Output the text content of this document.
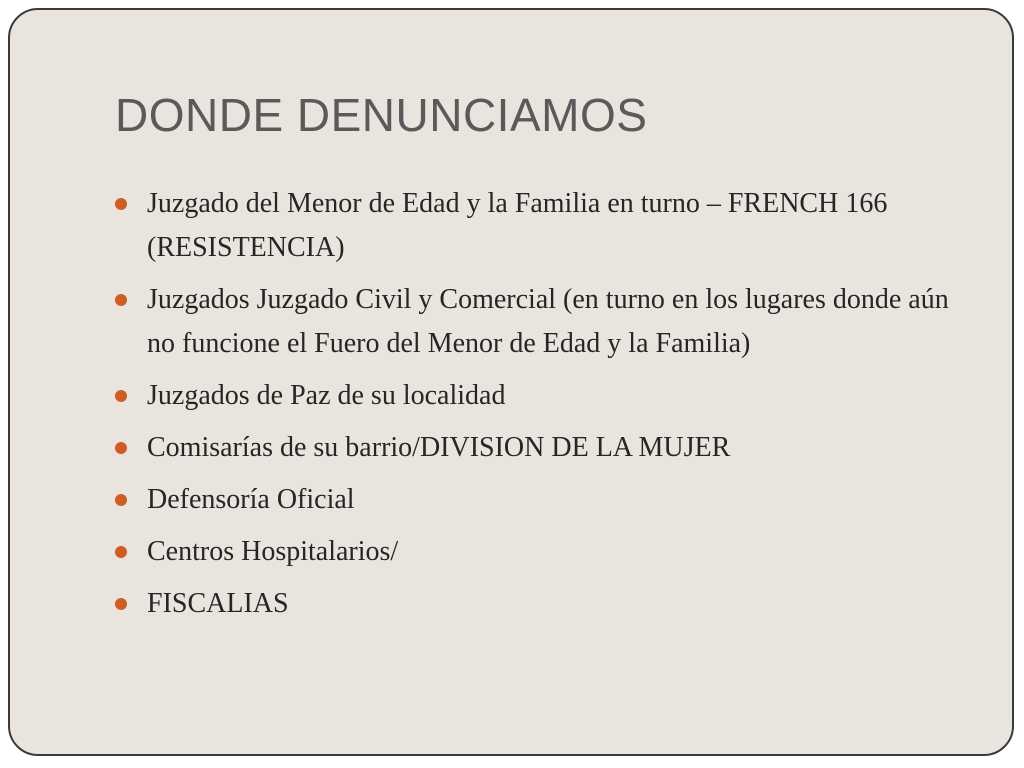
DONDE DENUNCIAMOS
Juzgado del Menor de Edad y la Familia en turno – FRENCH 166 (RESISTENCIA)
Juzgados Juzgado Civil y Comercial (en turno en los lugares donde aún no funcione el Fuero del Menor de Edad y la Familia)
Juzgados de Paz de su localidad
Comisarías de su barrio/DIVISION DE LA MUJER
Defensoría Oficial
Centros Hospitalarios/
FISCALIAS
